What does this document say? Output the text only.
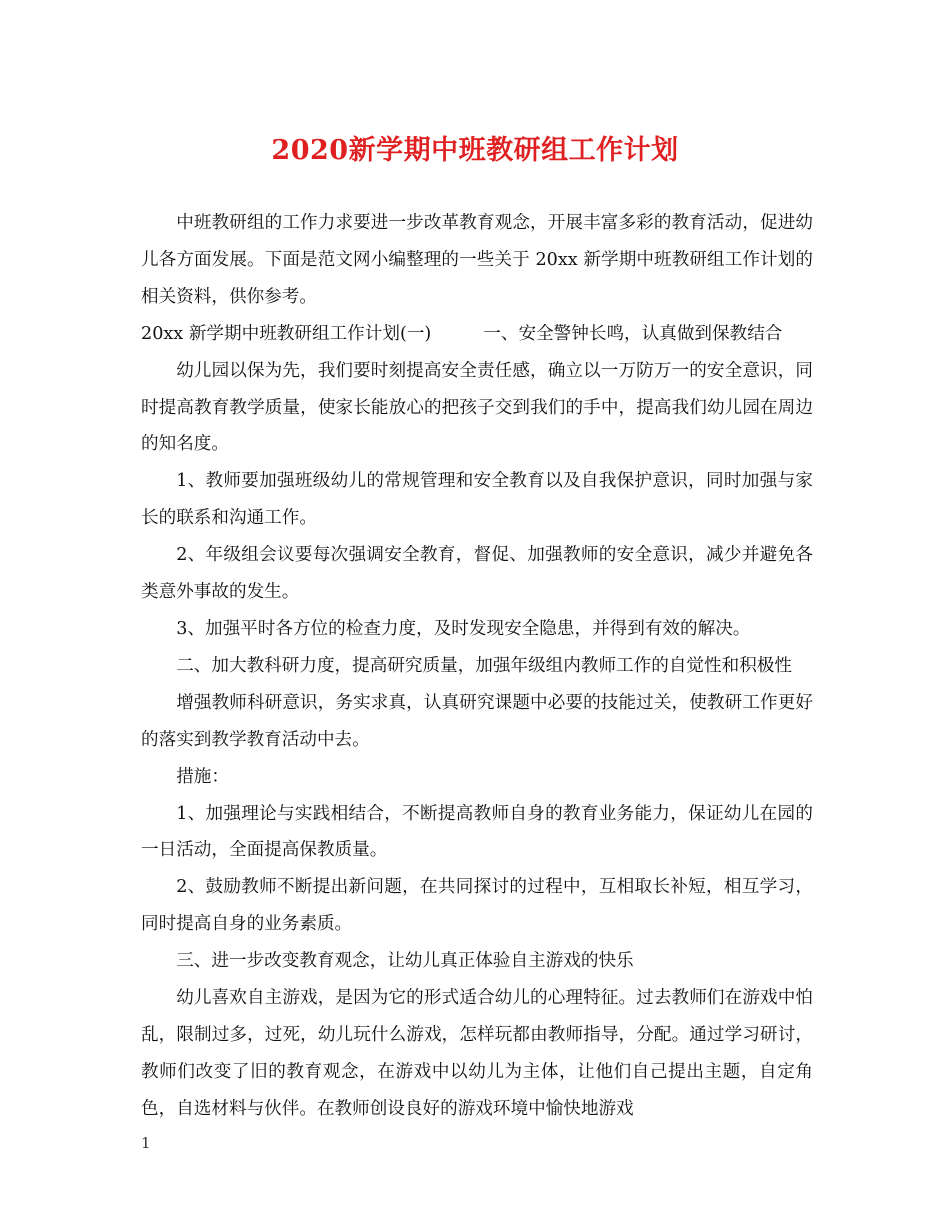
2020新学期中班教研组工作计划

中班教研组的工作力求要进一步改革教育观念，开展丰富多彩的教育活动，促进幼儿各方面发展。下面是范文网小编整理的一些关于 20xx 新学期中班教研组工作计划的相关资料，供你参考。

20xx 新学期中班教研组工作计划(一)	一、安全警钟长鸣，认真做到保教结合

幼儿园以保为先，我们要时刻提高安全责任感，确立以一万防万一的安全意识，同时提高教育教学质量，使家长能放心的把孩子交到我们的手中，提高我们幼儿园在周边的知名度。

1、教师要加强班级幼儿的常规管理和安全教育以及自我保护意识，同时加强与家长的联系和沟通工作。

2、年级组会议要每次强调安全教育，督促、加强教师的安全意识，减少并避免各类意外事故的发生。

3、加强平时各方位的检查力度，及时发现安全隐患，并得到有效的解决。

二、加大教科研力度，提高研究质量，加强年级组内教师工作的自觉性和积极性

增强教师科研意识，务实求真，认真研究课题中必要的技能过关，使教研工作更好的落实到教学教育活动中去。

措施：

1、加强理论与实践相结合，不断提高教师自身的教育业务能力，保证幼儿在园的一日活动，全面提高保教质量。

2、鼓励教师不断提出新问题，在共同探讨的过程中，互相取长补短，相互学习，同时提高自身的业务素质。

三、进一步改变教育观念，让幼儿真正体验自主游戏的快乐

幼儿喜欢自主游戏，是因为它的形式适合幼儿的心理特征。过去教师们在游戏中怕乱，限制过多，过死，幼儿玩什么游戏，怎样玩都由教师指导，分配。通过学习研讨，教师们改变了旧的教育观念，在游戏中以幼儿为主体，让他们自己提出主题，自定角色，自选材料与伙伴。在教师创设良好的游戏环境中愉快地游戏

1
